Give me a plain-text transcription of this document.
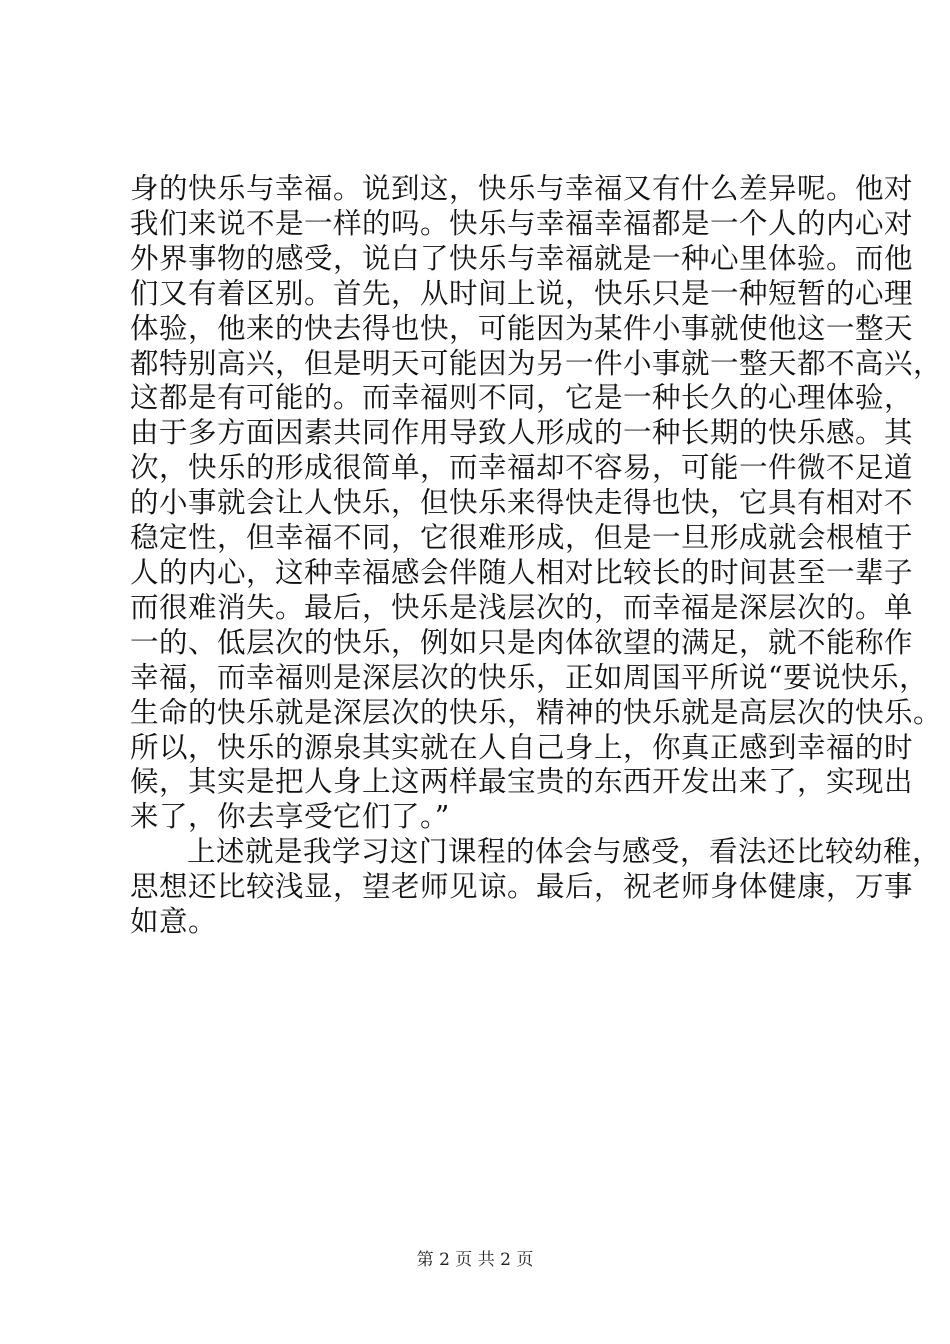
身的快乐与幸福。说到这，快乐与幸福又有什么差异呢。他对
我们来说不是一样的吗。快乐与幸福幸福都是一个人的内心对
外界事物的感受，说白了快乐与幸福就是一种心里体验。而他
们又有着区别。首先，从时间上说，快乐只是一种短暂的心理
体验，他来的快去得也快，可能因为某件小事就使他这一整天
都特别高兴，但是明天可能因为另一件小事就一整天都不高兴，
这都是有可能的。而幸福则不同，它是一种长久的心理体验，
由于多方面因素共同作用导致人形成的一种长期的快乐感。其
次，快乐的形成很简单，而幸福却不容易，可能一件微不足道
的小事就会让人快乐，但快乐来得快走得也快，它具有相对不
稳定性，但幸福不同，它很难形成，但是一旦形成就会根植于
人的内心，这种幸福感会伴随人相对比较长的时间甚至一辈子
而很难消失。最后，快乐是浅层次的，而幸福是深层次的。单
一的、低层次的快乐，例如只是肉体欲望的满足，就不能称作
幸福，而幸福则是深层次的快乐，正如周国平所说“要说快乐，
生命的快乐就是深层次的快乐，精神的快乐就是高层次的快乐。
所以，快乐的源泉其实就在人自己身上，你真正感到幸福的时
候，其实是把人身上这两样最宝贵的东西开发出来了，实现出
来了，你去享受它们了。”
上述就是我学习这门课程的体会与感受，看法还比较幼稚，
思想还比较浅显，望老师见谅。最后，祝老师身体健康，万事
如意。
第 2 页 共 2 页
